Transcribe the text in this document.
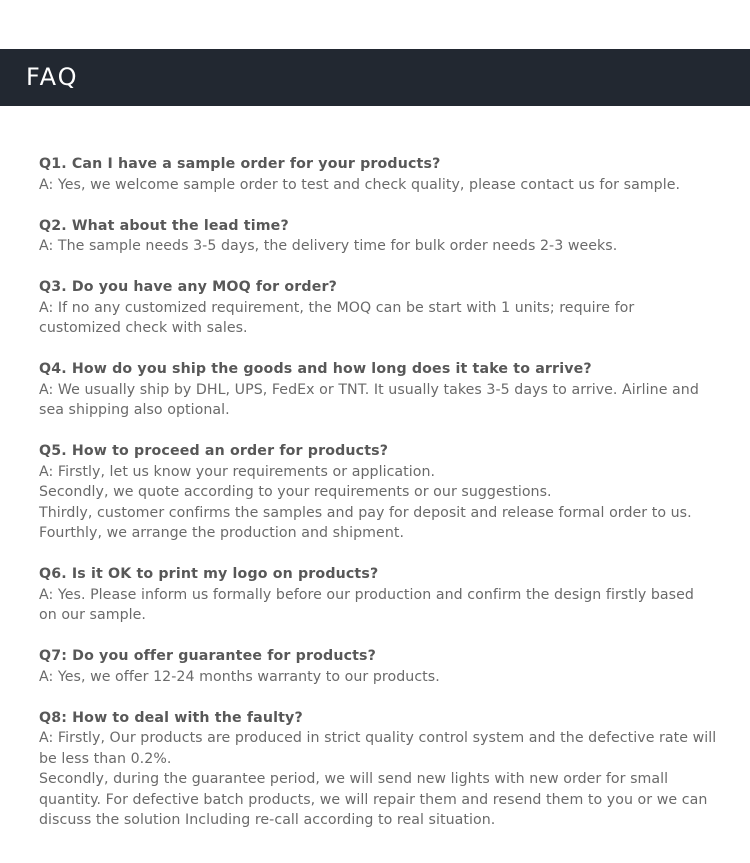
FAQ
Q1. Can I have a sample order for your products?
A: Yes, we welcome sample order to test and check quality, please contact us for sample.
Q2. What about the lead time?
A: The sample needs 3-5 days, the delivery time for bulk order needs 2-3 weeks.
Q3. Do you have any MOQ for order?
A: If no any customized requirement, the MOQ can be start with 1 units; require for
customized check with sales.
Q4. How do you ship the goods and how long does it take to arrive?
A: We usually ship by DHL, UPS, FedEx or TNT. It usually takes 3-5 days to arrive. Airline and
sea shipping also optional.
Q5. How to proceed an order for products?
A: Firstly, let us know your requirements or application.
Secondly, we quote according to your requirements or our suggestions.
Thirdly, customer confirms the samples and pay for deposit and release formal order to us.
Fourthly, we arrange the production and shipment.
Q6. Is it OK to print my logo on products?
A: Yes. Please inform us formally before our production and confirm the design firstly based
on our sample.
Q7: Do you offer guarantee for products?
A: Yes, we offer 12-24 months warranty to our products.
Q8: How to deal with the faulty?
A: Firstly, Our products are produced in strict quality control system and the defective rate will
be less than 0.2%.
Secondly, during the guarantee period, we will send new lights with new order for small
quantity. For defective batch products, we will repair them and resend them to you or we can
discuss the solution Including re-call according to real situation.
